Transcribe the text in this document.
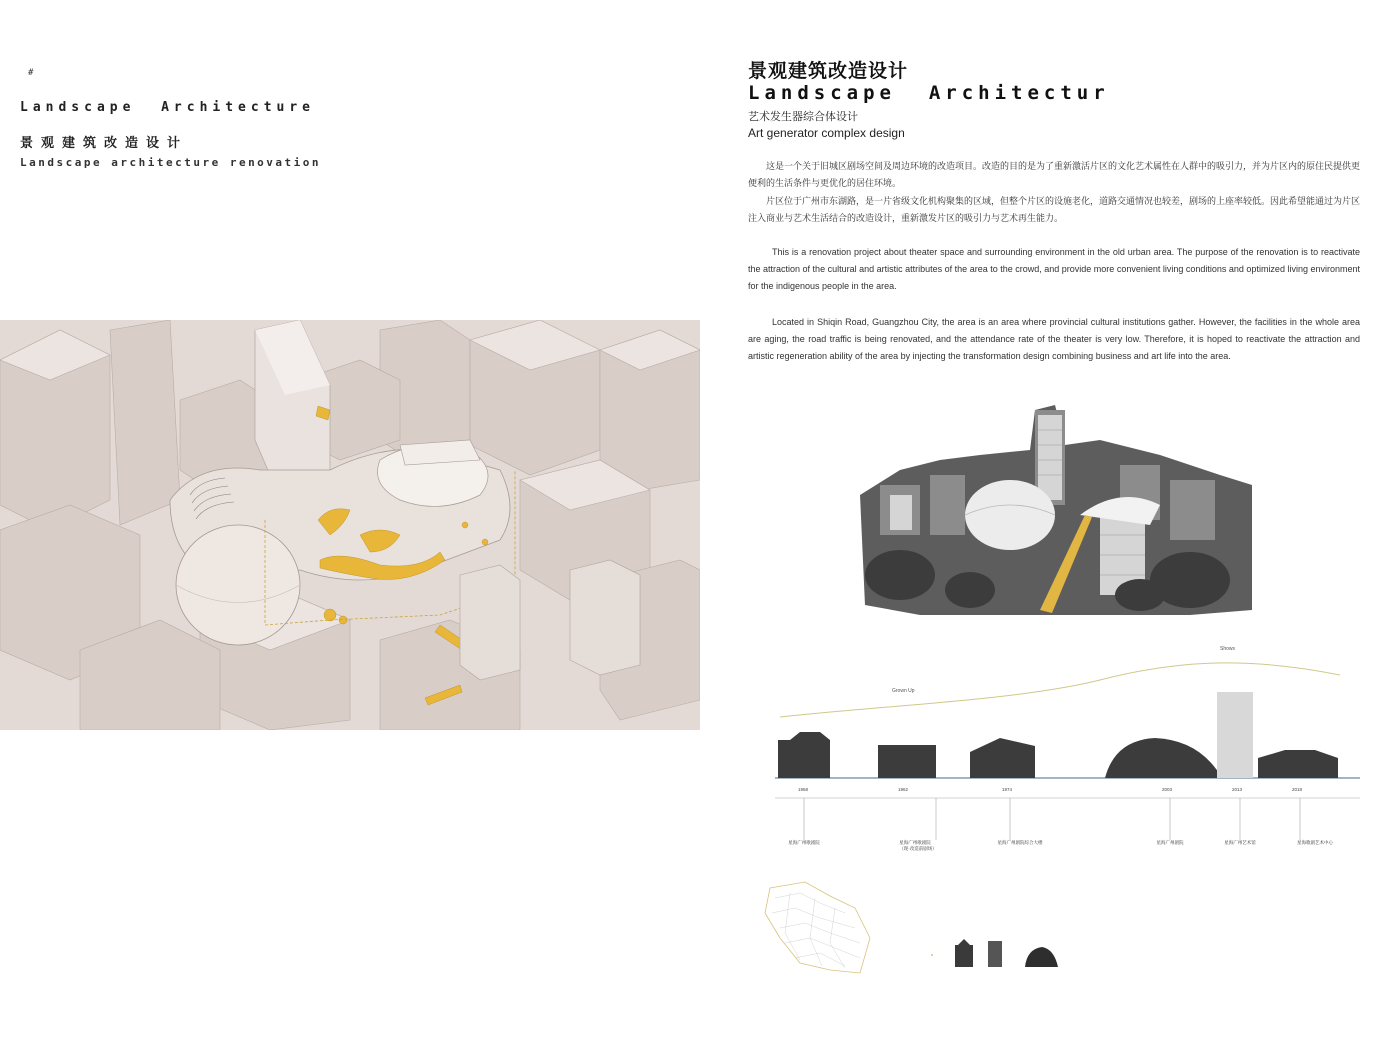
#
Landscape  Architecture
景观建筑改造设计
Landscape architecture renovation
景观建筑改造设计
Landscape  Architectur
艺术发生器综合体设计
Art generator complex design
这是一个关于旧城区剧场空间及周边环境的改造项目。改造的目的是为了重新激活片区的文化艺术属性在人群中的吸引力，并为片区内的原住民提供更便利的生活条件与更优化的居住环境。
片区位于广州市东湖路，是一片省级文化机构聚集的区域，但整个片区的设施老化，道路交通情况也较差，剧场的上座率较低。因此希望能通过为片区注入商业与艺术生活结合的改造设计，重新激发片区的吸引力与艺术再生能力。
This is a renovation project about theater space and surrounding environment in the old urban area. The purpose of the renovation is to reactivate the attraction of the cultural and artistic attributes of the area to the crowd, and provide more convenient living conditions and optimized living environment for the indigenous people in the area.
Located in Shiqin Road, Guangzhou City, the area is an area where provincial cultural institutions gather. However, the facilities in the whole area are aging, the road traffic is being renovated, and the attendance rate of the theater is very low. Therefore, it is hoped to reactivate the attraction and artistic regeneration ability of the area by injecting the transformation design combining business and art life into the area.
Grown Up
Shows
1958	1962	1974	2003	2013	2018
星海广州歌剧院	星海广州歌剧院
（现·改造前剧场）
星海广州剧院综合大楼	星海广州剧院	星海广州艺术馆	星海歌剧艺术中心
